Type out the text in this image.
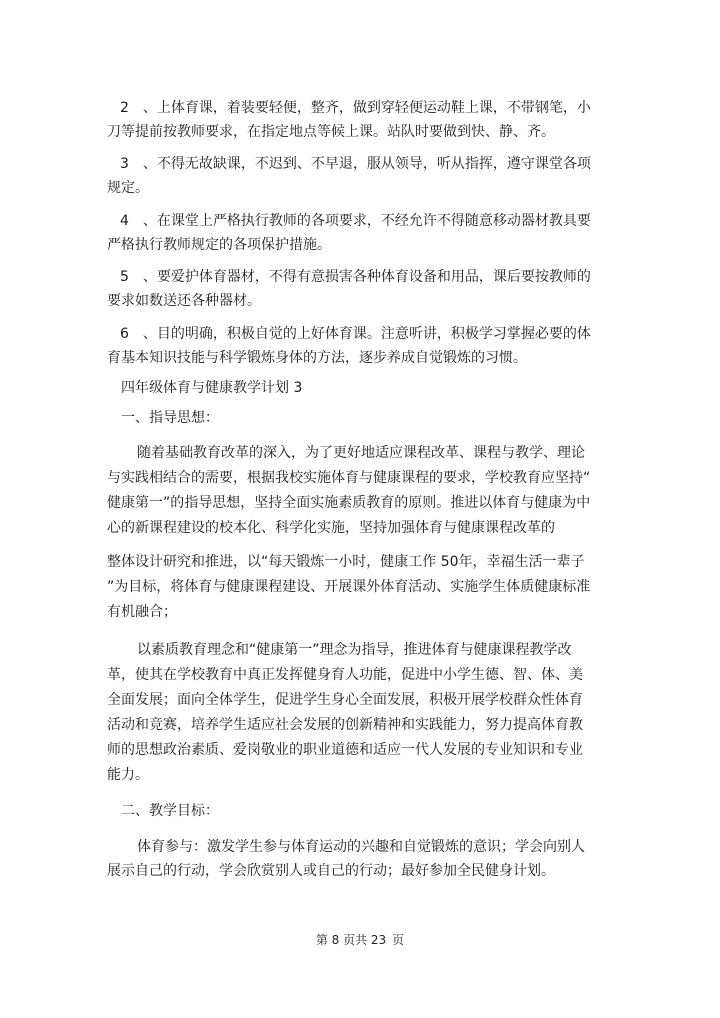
2 、上体育课，着装要轻便，整齐，做到穿轻便运动鞋上课，不带钢笔，小
刀等提前按教师要求，在指定地点等候上课。站队时要做到快、静、齐。
3 、不得无故缺课，不迟到、不早退，服从领导，听从指挥，遵守课堂各项
规定。
4 、在课堂上严格执行教师的各项要求，不经允许不得随意移动器材教具要
严格执行教师规定的各项保护措施。
5 、要爱护体育器材，不得有意损害各种体育设备和用品，课后要按教师的
要求如数送还各种器材。
6 、目的明确，积极自觉的上好体育课。注意听讲，积极学习掌握必要的体
育基本知识技能与科学锻炼身体的方法，逐步养成自觉锻炼的习惯。
四年级体育与健康教学计划 3
一、指导思想：
随着基础教育改革的深入，为了更好地适应课程改革、课程与教学、理论
与实践相结合的需要，根据我校实施体育与健康课程的要求，学校教育应坚持“
健康第一”的指导思想，坚持全面实施素质教育的原则。推进以体育与健康为中
心的新课程建设的校本化、科学化实施，坚持加强体育与健康课程改革的
整体设计研究和推进，以“每天锻炼一小时，健康工作 50年，幸福生活一辈子
”为目标，将体育与健康课程建设、开展课外体育活动、实施学生体质健康标准
有机融合；
以素质教育理念和“健康第一”理念为指导，推进体育与健康课程教学改
革，使其在学校教育中真正发挥健身育人功能，促进中小学生德、智、体、美
全面发展；面向全体学生，促进学生身心全面发展，积极开展学校群众性体育
活动和竞赛，培养学生适应社会发展的创新精神和实践能力，努力提高体育教
师的思想政治素质、爱岗敬业的职业道德和适应一代人发展的专业知识和专业
能力。
二、教学目标：
体育参与：激发学生参与体育运动的兴趣和自觉锻炼的意识；学会向别人
展示自己的行动，学会欣赏别人或自己的行动；最好参加全民健身计划。
第 8 页共 23 页
